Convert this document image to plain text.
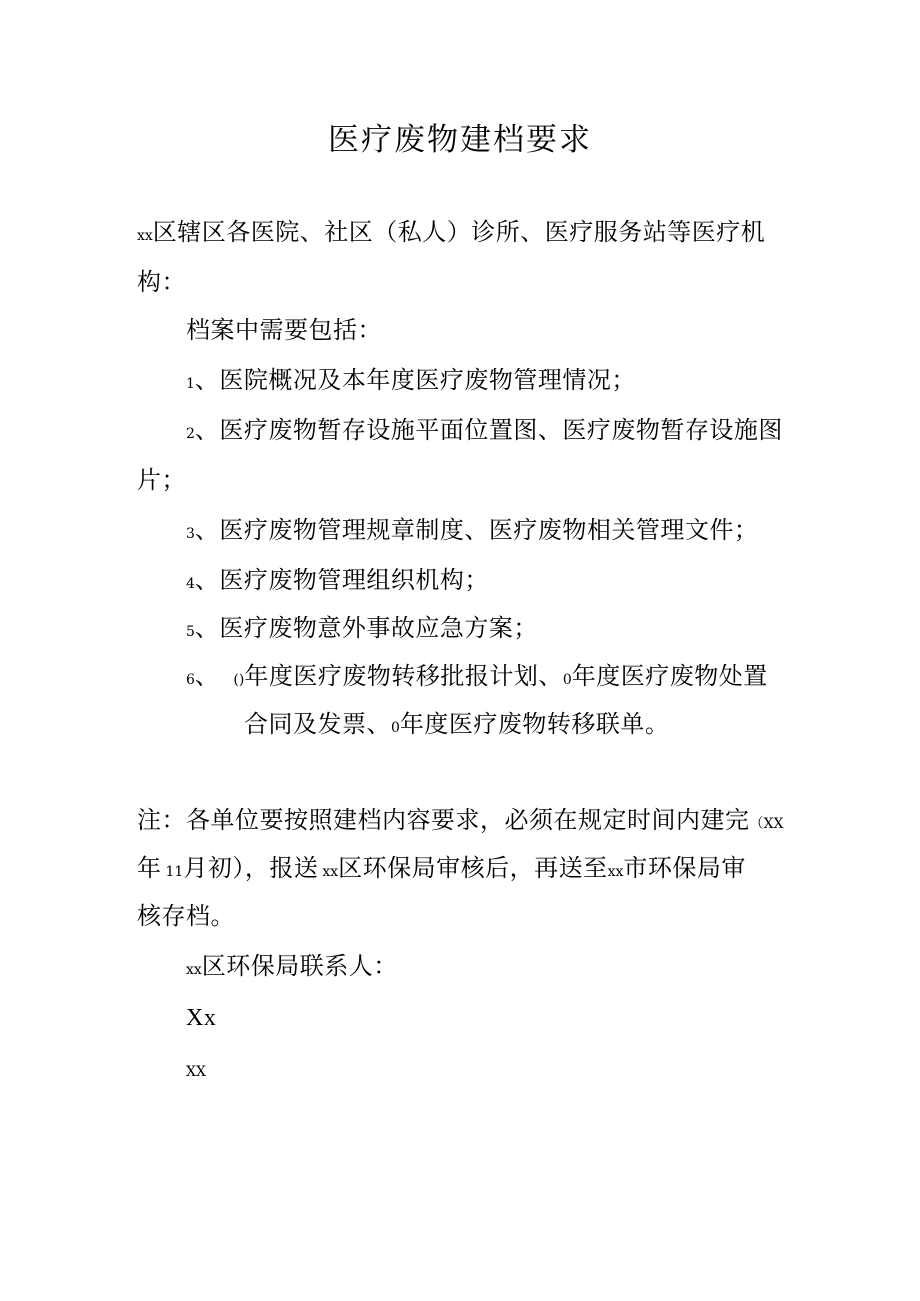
医疗废物建档要求
xx区辖区各医院、社区（私人）诊所、医疗服务站等医疗机
构：
档案中需要包括：
1、医院概况及本年度医疗废物管理情况；
2、医疗废物暂存设施平面位置图、医疗废物暂存设施图
片；
3、医疗废物管理规章制度、医疗废物相关管理文件；
4、医疗废物管理组织机构；
5、医疗废物意外事故应急方案；
6、 ()年度医疗废物转移批报计划、0年度医疗废物处置
合同及发票、0年度医疗废物转移联单。
注：各单位要按照建档内容要求，必须在规定时间内建完（XX
年 11月初），报送 xx区环保局审核后，再送至xx市环保局审
核存档。
xx区环保局联系人：
Xx
XX
